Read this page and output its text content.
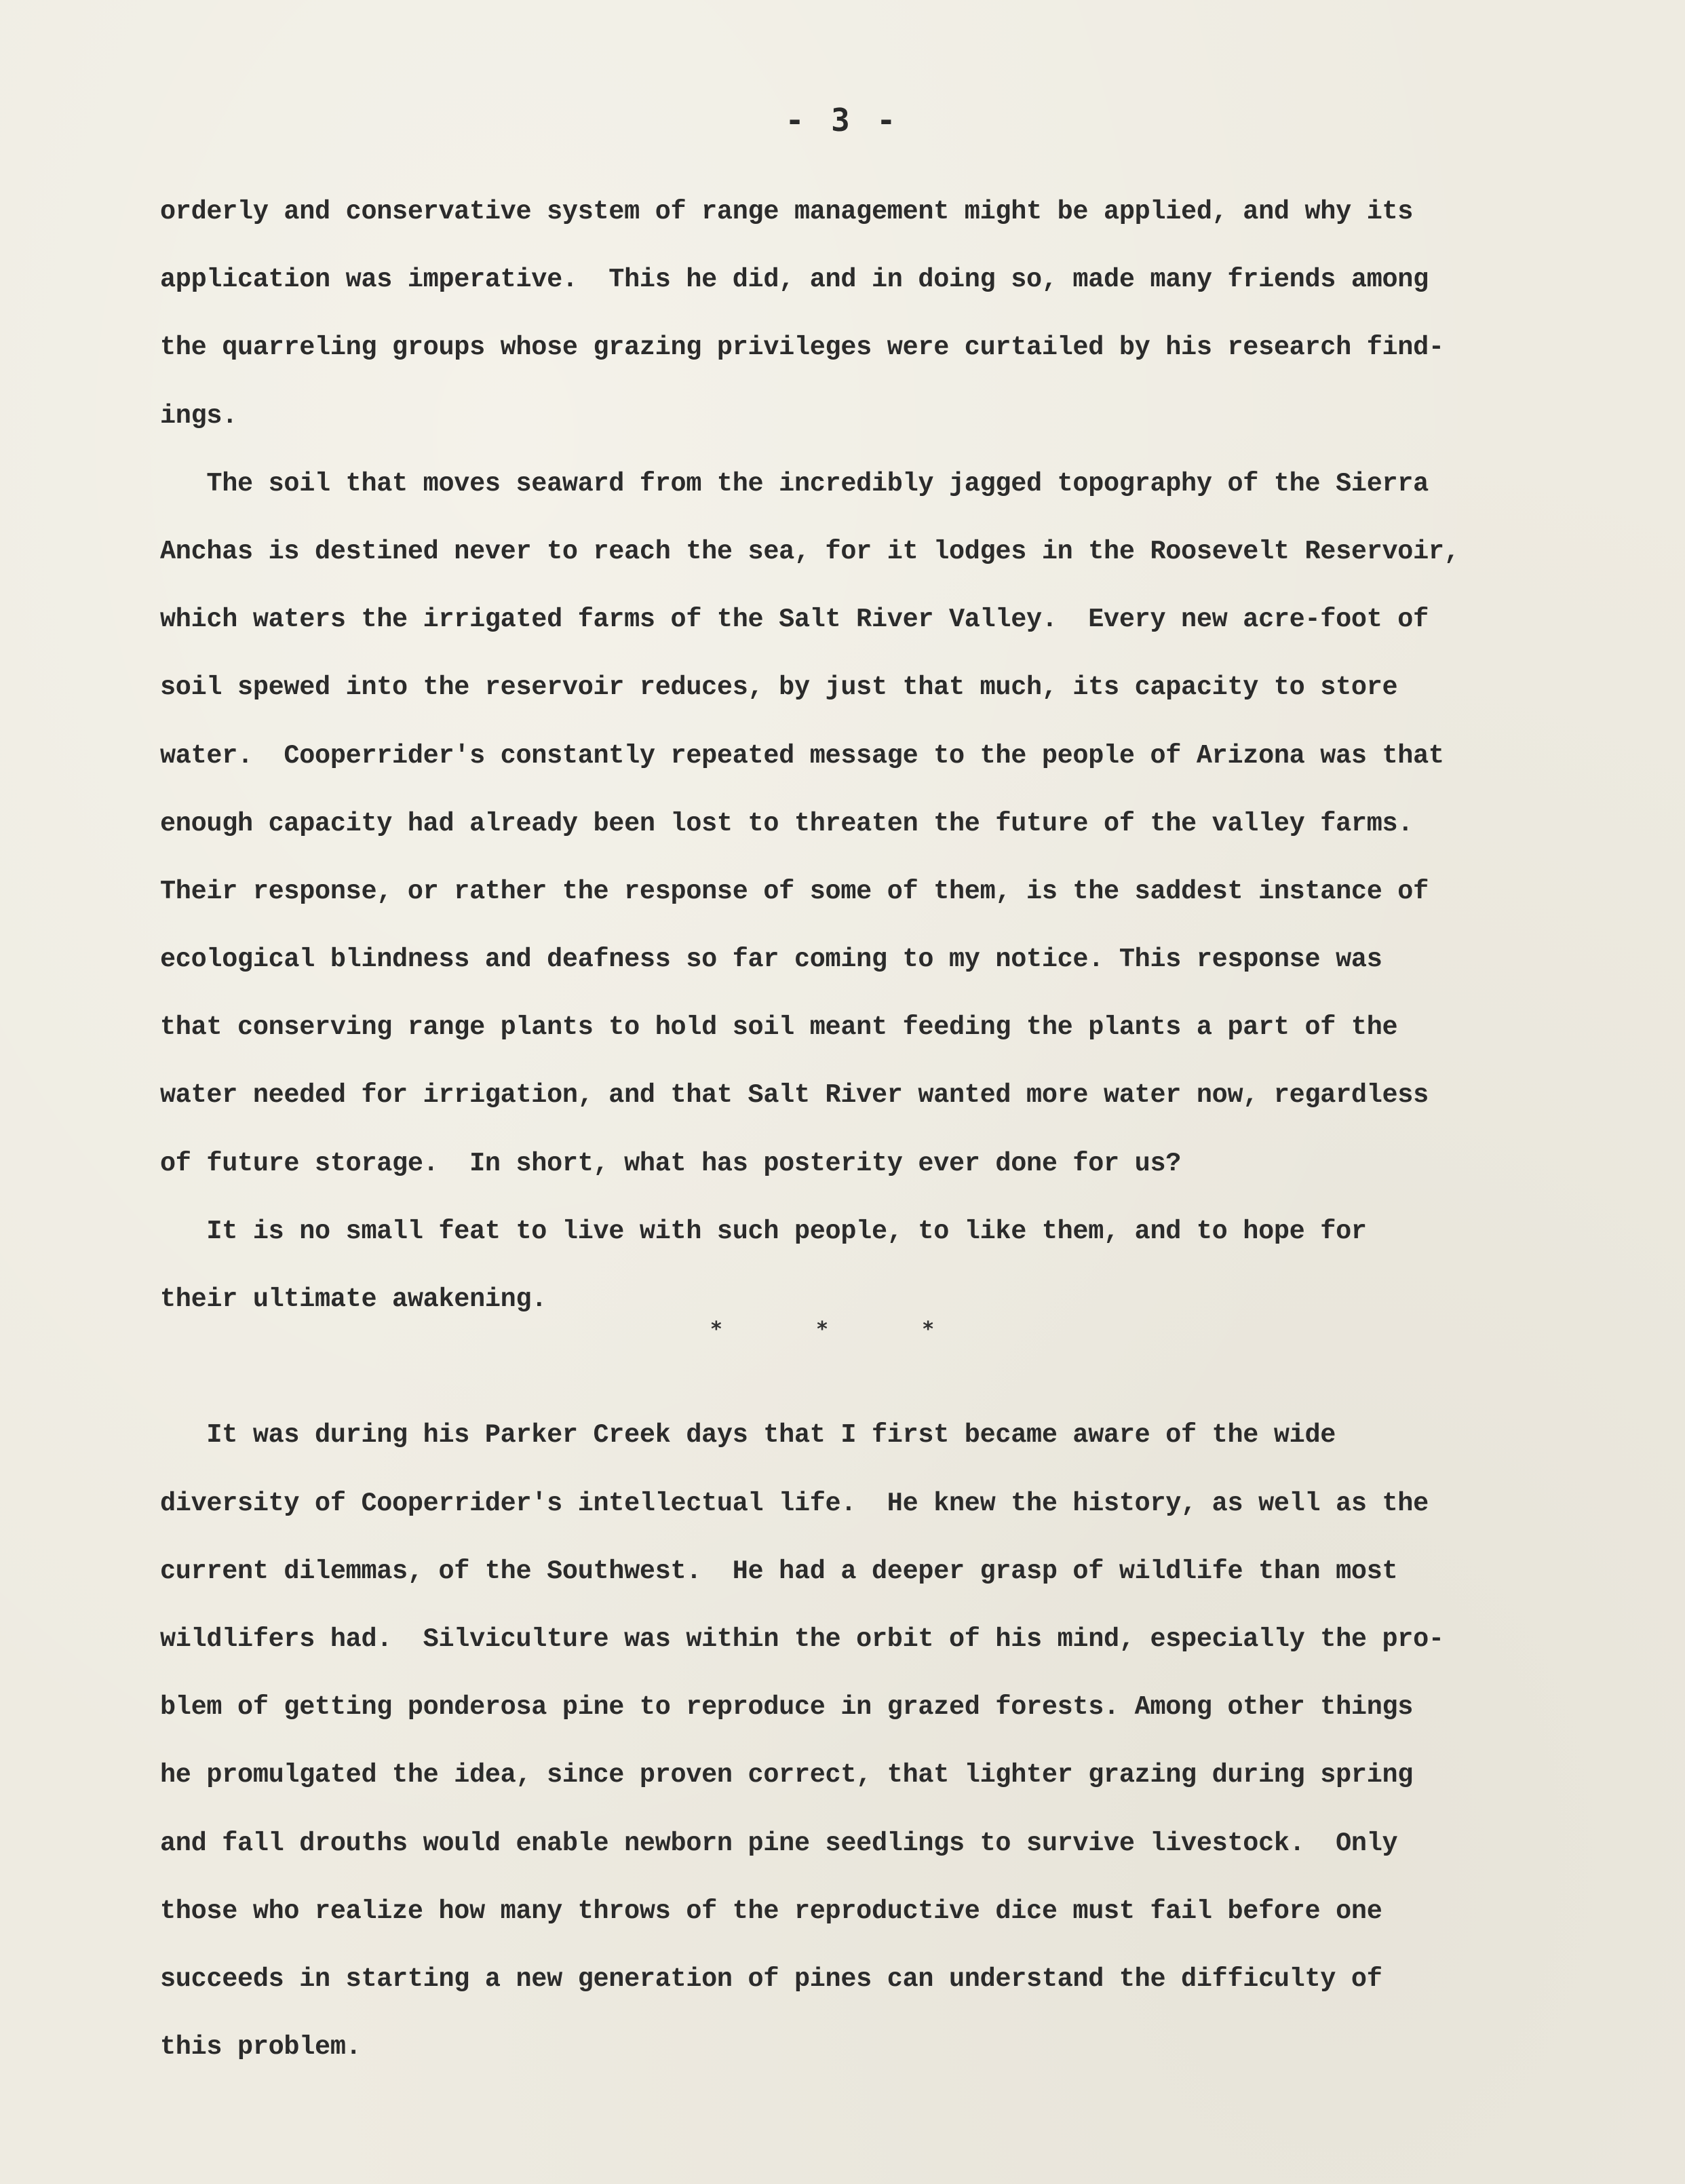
- 3 -
orderly and conservative system of range management might be applied, and why its
application was imperative.  This he did, and in doing so, made many friends among
the quarreling groups whose grazing privileges were curtailed by his research find-
ings.
The soil that moves seaward from the incredibly jagged topography of the Sierra
Anchas is destined never to reach the sea, for it lodges in the Roosevelt Reservoir,
which waters the irrigated farms of the Salt River Valley.  Every new acre-foot of
soil spewed into the reservoir reduces, by just that much, its capacity to store
water.  Cooperrider's constantly repeated message to the people of Arizona was that
enough capacity had already been lost to threaten the future of the valley farms.
Their response, or rather the response of some of them, is the saddest instance of
ecological blindness and deafness so far coming to my notice. This response was
that conserving range plants to hold soil meant feeding the plants a part of the
water needed for irrigation, and that Salt River wanted more water now, regardless
of future storage.  In short, what has posterity ever done for us?
It is no small feat to live with such people, to like them, and to hope for
their ultimate awakening.
It was during his Parker Creek days that I first became aware of the wide
diversity of Cooperrider's intellectual life.  He knew the history, as well as the
current dilemmas, of the Southwest.  He had a deeper grasp of wildlife than most
wildlifers had.  Silviculture was within the orbit of his mind, especially the pro-
blem of getting ponderosa pine to reproduce in grazed forests. Among other things
he promulgated the idea, since proven correct, that lighter grazing during spring
and fall drouths would enable newborn pine seedlings to survive livestock.  Only
those who realize how many throws of the reproductive dice must fail before one
succeeds in starting a new generation of pines can understand the difficulty of
this problem.
* * *
